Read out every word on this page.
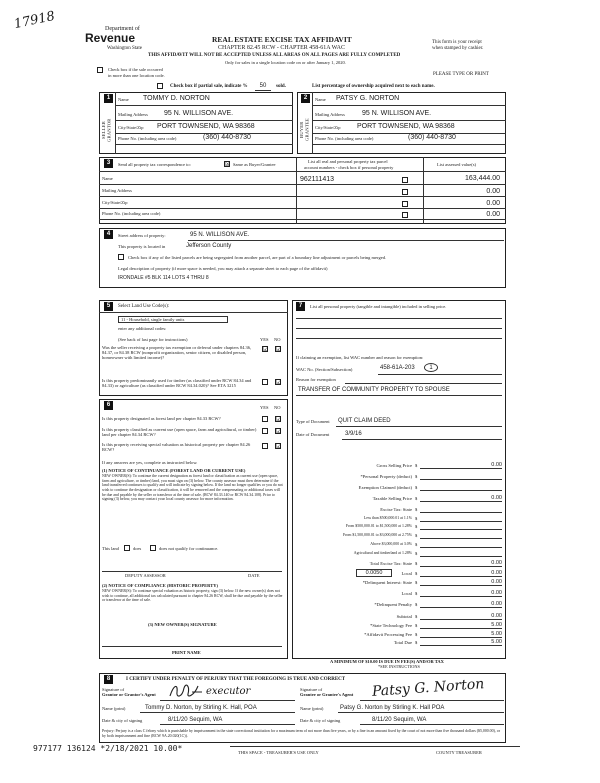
17918	Department of
Revenue
Washington State
REAL ESTATE EXCISE TAX AFFIDAVIT
CHAPTER 82.45 RCW - CHAPTER 458-61A WAC
THIS AFFIDAVIT WILL NOT BE ACCEPTED UNLESS ALL AREAS ON ALL PAGES ARE FULLY COMPLETED
Only for sales in a single location code on or after January 1, 2020.
This form is your receipt
when stamped by cashier.
PLEASE TYPE OR PRINT
Check box if the sale occurred
in more than one location code.
Check box if partial sale, indicate %	50	sold.	List percentage of ownership acquired next to each name.
1	2
SELLER GRANTOR	BUYER GRANTEE
Name TOMMY D. NORTON
Mailing Address 95 N. WILLISON AVE.
City/State/Zip PORT TOWNSEND, WA 98368
Phone No. (including area code)	(360) 440-8730
Name PATSY G. NORTON
Mailing Address 95 N. WILLISON AVE.
City/State/Zip PORT TOWNSEND, WA 98368
Phone No. (including area code)	(360) 440-8730
3	Send all property tax correspondence to:	☒ Same as Buyer/Grantee
List all real and personal property tax parcel
account numbers - check box if personal property
List assessed value(s)
Name
Mailing Address
City/State/Zip
Phone No. (including area code)
962111413	163,444.00
0.00
0.00
0.00
4	Street address of property:	95 N. WILLISON AVE.
This property is located in	Jefferson County
Check box if any of the listed parcels are being segregated from another parcel, are part of a boundary line adjustment or parcels being merged.
Legal description of property (if more space is needed, you may attach a separate sheet to each page of the affidavit)
IRONDALE #5 BLK 114 LOTS 4 THRU 8
5	Select Land Use Code(s):
11 - Household, single family units
enter any additional codes:
(See back of last page for instructions)	YES NO
Was the seller receiving a property tax exemption or deferral under chapters 84.36, 84.37, or 84.38 RCW (nonprofit organization, senior citizen, or disabled person, homeowner with limited income)?
☑ ☑
Is this property predominantly used for timber (as classified under RCW 84.34 and 84.33) or agriculture (as classified under RCW 84.34.020)? See ETA 3215	☑
6	YES NO
Is this property designated as forest land per chapter 84.33 RCW?	☑
Is this property classified as current use (open space, farm and agricultural, or timber) land per chapter 84.34 RCW?	☑
Is this property receiving special valuation as historical property per chapter 84.26 RCW?	☑
If any answers are yes, complete as instructed below.
(1) NOTICE OF CONTINUANCE (FOREST LAND OR CURRENT USE)
NEW OWNER(S): To continue the current designation as forest land or classification as current use (open space, farm and agriculture, or timber) land, you must sign on (3) below. The county assessor must then determine if the land transferred continues to qualify and will indicate by signing below. If the land no longer qualifies or you do not wish to continue the designation or classification, it will be removed and the compensating or additional taxes will be due and payable by the seller or transferor at the time of sale. (RCW 84.33.140 or RCW 84.34.108). Prior to signing (3) below, you may contact your local county assessor for more information.
This land	does	does not qualify for continuance.
DEPUTY ASSESSOR	DATE
(2) NOTICE OF COMPLIANCE (HISTORIC PROPERTY)
NEW OWNER(S): To continue special valuation as historic property, sign (3) below. If the new owner(s) does not wish to continue, all additional tax calculated pursuant to chapter 84.26 RCW, shall be due and payable by the seller or transferor at the time of sale.
(3) NEW OWNER(S) SIGNATURE
PRINT NAME
7	List all personal property (tangible and intangible) included in selling price.
If claiming an exemption, list WAC number and reason for exemption:
WAC No. (Section/Subsection)	458-61A-203	1
Reason for exemption
TRANSFER OF COMMUNITY PROPERTY TO SPOUSE
Type of Document QUIT CLAIM DEED
Date of Document	3/9/16
Gross Selling Price $	0.00
*Personal Property (deduct) $
Exemption Claimed (deduct) $
Taxable Selling Price $	0.00
Excise Tax: State $
Less than $500,000.01 at 1.1% $
From $500,000.01 to $1,500,000 at 1.28% $
From $1,500,000.01 to $3,000,000 at 2.75% $
Above $3,000,000 at 3.0% $
Agricultural and timberland at 1.28% $
Total Excise Tax: State $	0.00
Local $	0.00
0.0050
*Delinquent Interest: State $	0.00
Local $	0.00
*Delinquent Penalty $	0.00
Subtotal $	0.00
*State Technology Fee $	5.00
*Affidavit Processing Fee $	5.00
Total Due $	5.00
A MINIMUM OF $10.00 IS DUE IN FEE(S) AND/OR TAX
*SEE INSTRUCTIONS
8	I CERTIFY UNDER PENALTY OF PERJURY THAT THE FOREGOING IS TRUE AND CORRECT
Signature of
Grantor or Grantor's Agent	executor
Name (print)	Tommy D. Norton, by Stirling K. Hall, POA
Date & city of signing	8/11/20 Sequim, WA
Signature of
Grantee or Grantee's Agent Patsy G. Norton
Name (print)	Patsy G. Norton by Stirling K. Hall POA
Date & city of signing	8/11/20 Sequim, WA
Perjury: Perjury is a class C felony which is punishable by imprisonment in the state correctional institution for a maximum term of not more than five years, or by a fine in an amount fixed by the court of not more than five thousand dollars ($5,000.00), or by both imprisonment and fine (RCW 9A.20.020(1C)).
977177 136124 *2/18/2021 10.00*	THIS SPACE - TREASURER'S USE ONLY	COUNTY TREASURER
